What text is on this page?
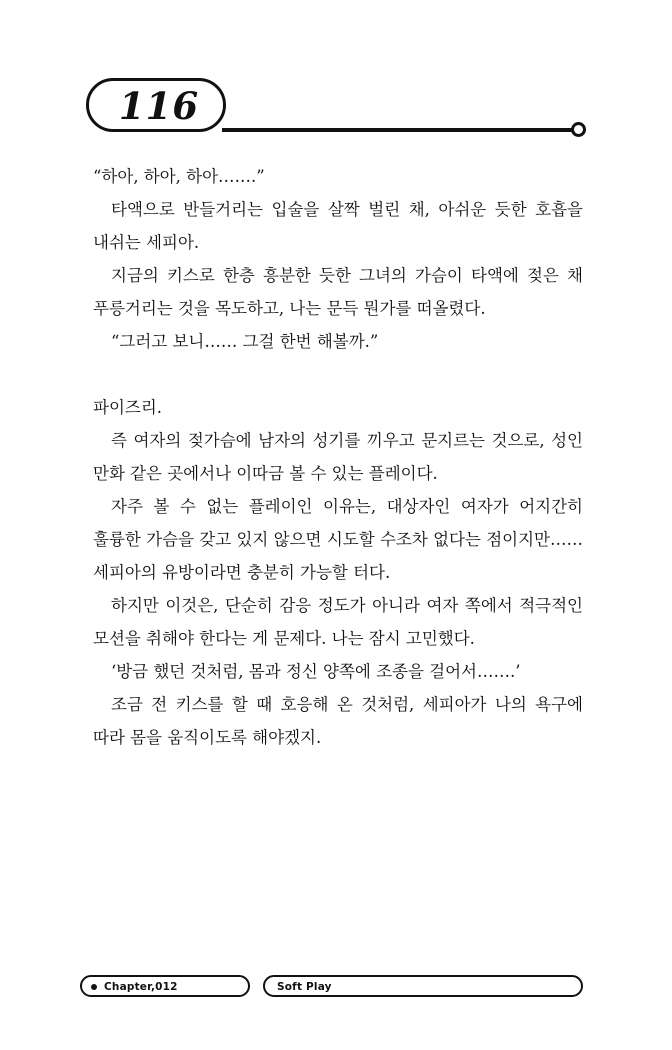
116

“하아, 하아, 하아…….”

타액으로 반들거리는 입술을 살짝 벌린 채, 아쉬운 듯한 호흡을 내쉬는 세피아.

지금의 키스로 한층 흥분한 듯한 그녀의 가슴이 타액에 젖은 채 푸릉거리는 것을 목도하고, 나는 문득 뭔가를 떠올렸다.

“그러고 보니…… 그걸 한번 해볼까.”

파이즈리.

즉 여자의 젖가슴에 남자의 성기를 끼우고 문지르는 것으로, 성인 만화 같은 곳에서나 이따금 볼 수 있는 플레이다.

자주 볼 수 없는 플레이인 이유는, 대상자인 여자가 어지간히 훌륭한 가슴을 갖고 있지 않으면 시도할 수조차 없다는 점이지만…… 세피아의 유방이라면 충분히 가능할 터다.

하지만 이것은, 단순히 감응 정도가 아니라 여자 쪽에서 적극적인 모션을 취해야 한다는 게 문제다. 나는 잠시 고민했다.

‘방금 했던 것처럼, 몸과 정신 양쪽에 조종을 걸어서…….’

조금 전 키스를 할 때 호응해 온 것처럼, 세피아가 나의 욕구에 따라 몸을 움직이도록 해야겠지.

Chapter,012	Soft Play
